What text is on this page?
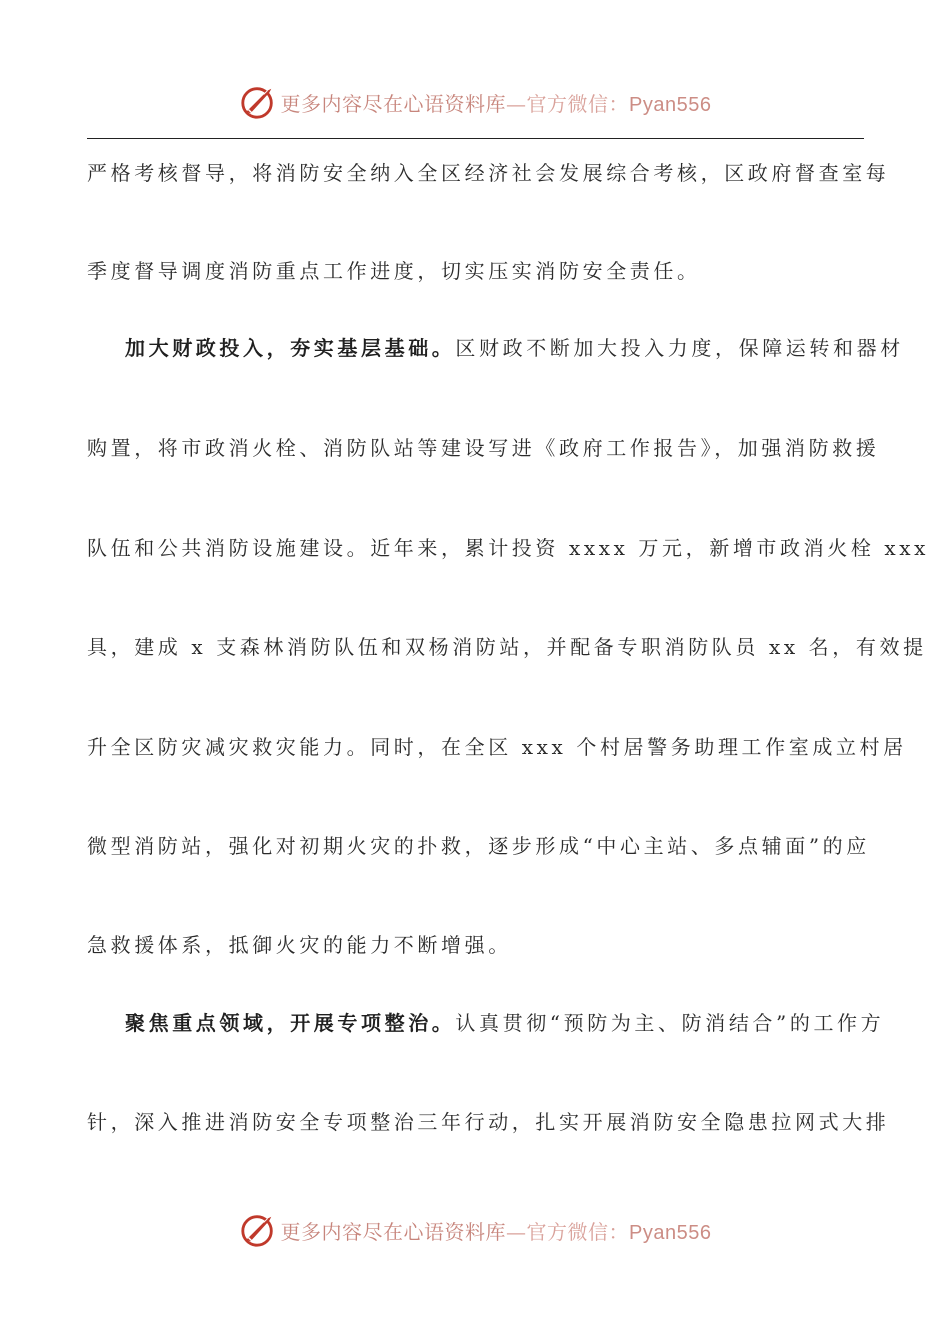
更多内容尽在心语资料库—官方微信：Pyan556
严格考核督导，将消防安全纳入全区经济社会发展综合考核，区政府督查室每
季度督导调度消防重点工作进度，切实压实消防安全责任。
加大财政投入，夯实基层基础。区财政不断加大投入力度，保障运转和器材
购置，将市政消火栓、消防队站等建设写进《政府工作报告》，加强消防救援
队伍和公共消防设施建设。近年来，累计投资 xxxx 万元，新增市政消火栓 xxx
具，建成 x 支森林消防队伍和双杨消防站，并配备专职消防队员 xx 名，有效提
升全区防灾减灾救灾能力。同时，在全区 xxx 个村居警务助理工作室成立村居
微型消防站，强化对初期火灾的扑救，逐步形成“中心主站、多点辅面”的应
急救援体系，抵御火灾的能力不断增强。
聚焦重点领域，开展专项整治。认真贯彻“预防为主、防消结合”的工作方
针，深入推进消防安全专项整治三年行动，扎实开展消防安全隐患拉网式大排
更多内容尽在心语资料库—官方微信：Pyan556
